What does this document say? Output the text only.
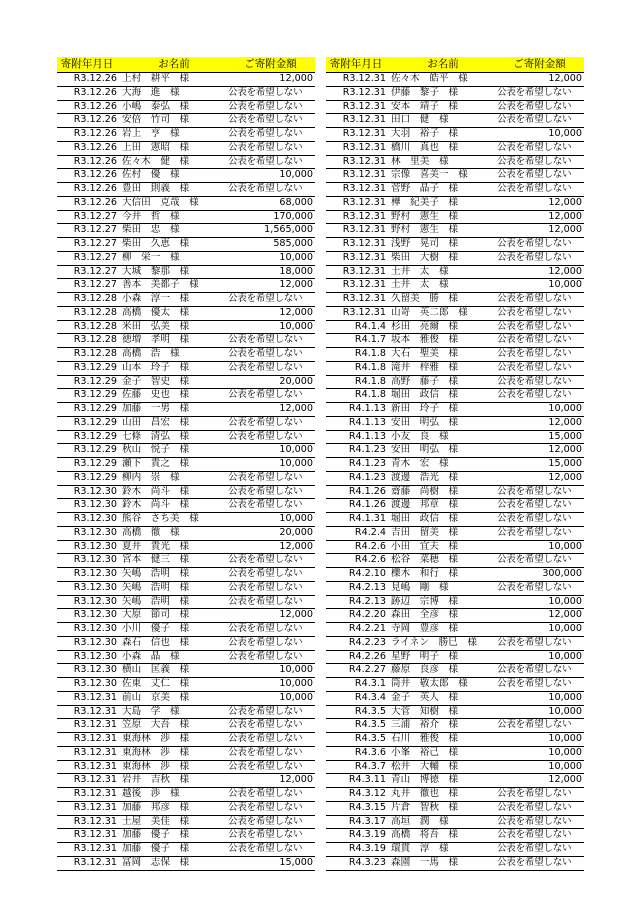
寄附年月日	お名前	ご寄附金額
R3.12.26	上村　耕平　様	12,000
R3.12.26	大海　進　様	公表を希望しない
R3.12.26	小嶋　泰弘　様	公表を希望しない
R3.12.26	安倍　竹司　様	公表を希望しない
R3.12.26	岩上　亨　様	公表を希望しない
R3.12.26	上田　憲昭　様	公表を希望しない
R3.12.26	佐々木　健　様	公表を希望しない
R3.12.26	佐村　優　様	10,000
R3.12.26	豊田　則義　様	公表を希望しない
R3.12.26	大信田　克哉　様	68,000
R3.12.27	今井　哲　様	170,000
R3.12.27	柴田　忠　様	1,565,000
R3.12.27	柴田　久恵　様	585,000
R3.12.27	柳　栄一　様	10,000
R3.12.27	大城　黎那　様	18,000
R3.12.27	善本　美都子　様	12,000
R3.12.28	小森　淳一　様	公表を希望しない
R3.12.28	高橋　優太　様	12,000
R3.12.28	米田　弘美　様	10,000
R3.12.28	徳増　孝明　様	公表を希望しない
R3.12.28	高橋　浩　様	公表を希望しない
R3.12.29	山本　玲子　様	公表を希望しない
R3.12.29	金子　智史　様	20,000
R3.12.29	佐藤　史也　様	公表を希望しない
R3.12.29	加藤　一男　様	12,000
R3.12.29	山田　昌宏　様	公表を希望しない
R3.12.29	七條　清弘　様	公表を希望しない
R3.12.29	秋山　悦子　様	10,000
R3.12.29	瀬下　貴之　様	10,000
R3.12.29	柳内　崇　様	公表を希望しない
R3.12.30	鈴木　尚斗　様	公表を希望しない
R3.12.30	鈴木　尚斗　様	公表を希望しない
R3.12.30	熊谷　さち美　様	10,000
R3.12.30	高橋　徹　様	20,000
R3.12.30	夏井　貴光　様	12,000
R3.12.30	宮本　健三　様	公表を希望しない
R3.12.30	矢嶋　浩明　様	公表を希望しない
R3.12.30	矢嶋　浩明　様	公表を希望しない
R3.12.30	矢嶋　浩明　様	公表を希望しない
R3.12.30	大原　節司　様	12,000
R3.12.30	小川　優子　様	公表を希望しない
R3.12.30	森石　信也　様	公表を希望しない
R3.12.30	小森　晶　様	公表を希望しない
R3.12.30	横山　匡義　様	10,000
R3.12.30	佐東　丈仁　様	10,000
R3.12.31	前山　京美　様	10,000
R3.12.31	大島　学　様	公表を希望しない
R3.12.31	笠原　大吾　様	公表を希望しない
R3.12.31	東海林　渉　様	公表を希望しない
R3.12.31	東海林　渉　様	公表を希望しない
R3.12.31	東海林　渉　様	公表を希望しない
R3.12.31	岩井　吉秋　様	12,000
R3.12.31	越後　渉　様	公表を希望しない
R3.12.31	加藤　邦彦　様	公表を希望しない
R3.12.31	土屋　美佳　様	公表を希望しない
R3.12.31	加藤　優子　様	公表を希望しない
R3.12.31	加藤　優子　様	公表を希望しない
R3.12.31	冨岡　志保　様	15,000
寄附年月日	お名前	ご寄附金額
R3.12.31	佐々木　皓平　様	12,000
R3.12.31	伊藤　黎子　様	公表を希望しない
R3.12.31	安本　靖子　様	公表を希望しない
R3.12.31	田口　健　様	公表を希望しない
R3.12.31	大羽　裕子　様	10,000
R3.12.31	橋川　真也　様	公表を希望しない
R3.12.31	林　里美　様	公表を希望しない
R3.12.31	宗像　喜美一　様	公表を希望しない
R3.12.31	菅野　晶子　様	公表を希望しない
R3.12.31	樺　紀美子　様	12,000
R3.12.31	野村　憲生　様	12,000
R3.12.31	野村　憲生　様	12,000
R3.12.31	浅野　晃司　様	公表を希望しない
R3.12.31	柴田　大樹　様	公表を希望しない
R3.12.31	土井　太　様	12,000
R3.12.31	土井　太　様	10,000
R3.12.31	久留美　勝　様	公表を希望しない
R3.12.31	山嵜　英二郎　様	公表を希望しない
R4.1.4	杉田　亮爾　様	公表を希望しない
R4.1.7	坂本　雅俊　様	公表を希望しない
R4.1.8	大石　聖美　様	公表を希望しない
R4.1.8	滝井　梓雅　様	公表を希望しない
R4.1.8	高野　藤子　様	公表を希望しない
R4.1.8	堀田　政信　様	公表を希望しない
R4.1.13	新田　玲子　様	10,000
R4.1.13	安田　明弘　様	12,000
R4.1.13	小友　良　様	15,000
R4.1.23	安田　明弘　様	12,000
R4.1.23	青木　宏　様	15,000
R4.1.23	渡邊　浩光　様	12,000
R4.1.26	齋藤　尚樹　様	公表を希望しない
R4.1.26	渡邊　邦章　様	公表を希望しない
R4.1.31	堀田　政信　様	公表を希望しない
R4.2.4	吉田　留美　様	公表を希望しない
R4.2.6	小田　宜夫　様	10,000
R4.2.6	松谷　菜穂　様	公表を希望しない
R4.2.10	櫟木　和行　様	300,000
R4.2.13	見嶋　剛　様	公表を希望しない
R4.2.13	跡辺　宗博　様	10,000
R4.2.20	森田　全彦　様	12,000
R4.2.21	寺岡　豊彦　様	10,000
R4.2.23	ライネン　勝巳　様	公表を希望しない
R4.2.26	星野　明子　様	10,000
R4.2.27	藤原　良彦　様	公表を希望しない
R4.3.1	筒井　敬太郎　様	公表を希望しない
R4.3.4	金子　英人　様	10,000
R4.3.5	大菅　知樹　様	10,000
R4.3.5	三浦　裕介　様	公表を希望しない
R4.3.5	石川　雅俊　様	10,000
R4.3.6	小峯　裕己　様	10,000
R4.3.7	松井　大輔　様	10,000
R4.3.11	青山　博徳　様	12,000
R4.3.12	丸井　徹也　様	公表を希望しない
R4.3.15	片倉　智秋　様	公表を希望しない
R4.3.17	高垣　潤　様	公表を希望しない
R4.3.19	高橋　将吾　様	公表を希望しない
R4.3.19	環貫　淳　様	公表を希望しない
R4.3.23	森園　一馬　様	公表を希望しない
